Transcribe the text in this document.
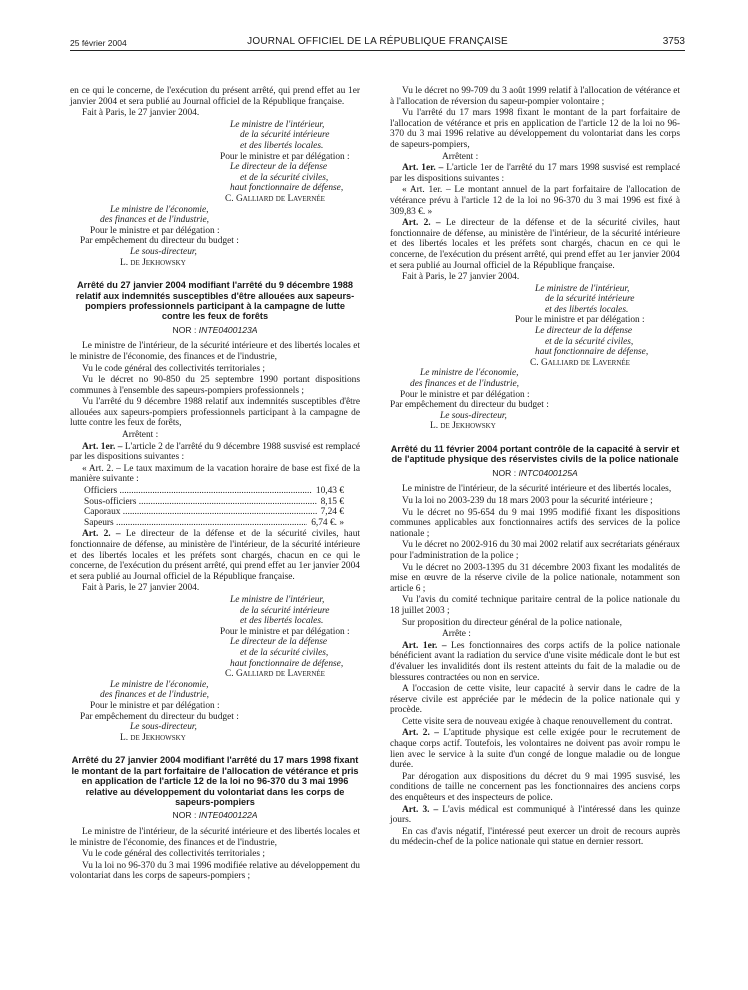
25 février 2004	JOURNAL OFFICIEL DE LA RÉPUBLIQUE FRANÇAISE	3753

en ce qui le concerne, de l'exécution du présent arrêté, qui prend effet au 1er janvier 2004 et sera publié au Journal officiel de la République française.

Fait à Paris, le 27 janvier 2004.

Le ministre de l'intérieur,
de la sécurité intérieure
et des libertés locales.
Pour le ministre et par délégation :
Le directeur de la défense
et de la sécurité civiles,
haut fonctionnaire de défense,
C. Galliard de Lavernée
Le ministre de l'économie,
des finances et de l'industrie,
Pour le ministre et par délégation :
Par empêchement du directeur du budget :
Le sous-directeur,
L. de Jekhowsky
Arrêté du 27 janvier 2004 modifiant l'arrêté du 9 décembre 1988 relatif aux indemnités susceptibles d'être allouées aux sapeurs-pompiers professionnels participant à la campagne de lutte contre les feux de forêts
NOR : INTE0400123A

Le ministre de l'intérieur, de la sécurité intérieure et des libertés locales et le ministre de l'économie, des finances et de l'industrie,

Vu le code général des collectivités territoriales ;

Vu le décret no 90-850 du 25 septembre 1990 portant dispositions communes à l'ensemble des sapeurs-pompiers professionnels ;

Vu l'arrêté du 9 décembre 1988 relatif aux indemnités susceptibles d'être allouées aux sapeurs-pompiers professionnels participant à la campagne de lutte contre les feux de forêts,

Arrêtent :

Art. 1er. – L'article 2 de l'arrêté du 9 décembre 1988 susvisé est remplacé par les dispositions suivantes :

« Art. 2. – Le taux maximum de la vacation horaire de base est fixé de la manière suivante :

Officiers .....	10,43 €
Sous-officiers .....	8,15 €
Caporaux .....	7,24 €
Sapeurs .....	6,74 €. »

Art. 2. – Le directeur de la défense et de la sécurité civiles, haut fonctionnaire de défense, au ministère de l'intérieur, de la sécurité intérieure et des libertés locales et les préfets sont chargés, chacun en ce qui le concerne, de l'exécution du présent arrêté, qui prend effet au 1er janvier 2004 et sera publié au Journal officiel de la République française.

Fait à Paris, le 27 janvier 2004.

Le ministre de l'intérieur,
de la sécurité intérieure
et des libertés locales.
Pour le ministre et par délégation :
Le directeur de la défense
et de la sécurité civiles,
haut fonctionnaire de défense,
C. Galliard de Lavernée
Le ministre de l'économie,
des finances et de l'industrie,
Pour le ministre et par délégation :
Par empêchement du directeur du budget :
Le sous-directeur,
L. de Jekhowsky
Arrêté du 27 janvier 2004 modifiant l'arrêté du 17 mars 1998 fixant le montant de la part forfaitaire de l'allocation de vétérance et pris en application de l'article 12 de la loi no 96-370 du 3 mai 1996 relative au développement du volontariat dans les corps de sapeurs-pompiers
NOR : INTE0400122A

Le ministre de l'intérieur, de la sécurité intérieure et des libertés locales et le ministre de l'économie, des finances et de l'industrie,

Vu le code général des collectivités territoriales ;

Vu la loi no 96-370 du 3 mai 1996 modifiée relative au développement du volontariat dans les corps de sapeurs-pompiers ;

Vu le décret no 99-709 du 3 août 1999 relatif à l'allocation de vétérance et à l'allocation de réversion du sapeur-pompier volontaire ;

Vu l'arrêté du 17 mars 1998 fixant le montant de la part forfaitaire de l'allocation de vétérance et pris en application de l'article 12 de la loi no 96-370 du 3 mai 1996 relative au développement du volontariat dans les corps de sapeurs-pompiers,

Arrêtent :

Art. 1er. – L'article 1er de l'arrêté du 17 mars 1998 susvisé est remplacé par les dispositions suivantes :

« Art. 1er. – Le montant annuel de la part forfaitaire de l'allocation de vétérance prévu à l'article 12 de la loi no 96-370 du 3 mai 1996 est fixé à 309,83 €. »

Art. 2. – Le directeur de la défense et de la sécurité civiles, haut fonctionnaire de défense, au ministère de l'intérieur, de la sécurité intérieure et des libertés locales et les préfets sont chargés, chacun en ce qui le concerne, de l'exécution du présent arrêté, qui prend effet au 1er janvier 2004 et sera publié au Journal officiel de la République française.

Fait à Paris, le 27 janvier 2004.

Le ministre de l'intérieur,
de la sécurité intérieure
et des libertés locales.
Pour le ministre et par délégation :
Le directeur de la défense
et de la sécurité civiles,
haut fonctionnaire de défense,
C. Galliard de Lavernée
Le ministre de l'économie,
des finances et de l'industrie,
Pour le ministre et par délégation :
Par empêchement du directeur du budget :
Le sous-directeur,
L. de Jekhowsky
Arrêté du 11 février 2004 portant contrôle de la capacité à servir et de l'aptitude physique des réservistes civils de la police nationale
NOR : INTC0400125A

Le ministre de l'intérieur, de la sécurité intérieure et des libertés locales,

Vu la loi no 2003-239 du 18 mars 2003 pour la sécurité intérieure ;

Vu le décret no 95-654 du 9 mai 1995 modifié fixant les dispositions communes applicables aux fonctionnaires actifs des services de la police nationale ;

Vu le décret no 2002-916 du 30 mai 2002 relatif aux secrétariats généraux pour l'administration de la police ;

Vu le décret no 2003-1395 du 31 décembre 2003 fixant les modalités de mise en œuvre de la réserve civile de la police nationale, notamment son article 6 ;

Vu l'avis du comité technique paritaire central de la police nationale du 18 juillet 2003 ;

Sur proposition du directeur général de la police nationale,

Arrête :

Art. 1er. – Les fonctionnaires des corps actifs de la police nationale bénéficient avant la radiation du service d'une visite médicale dont le but est d'évaluer les invalidités dont ils restent atteints du fait de la maladie ou de blessures contractées ou non en service.

A l'occasion de cette visite, leur capacité à servir dans le cadre de la réserve civile est appréciée par le médecin de la police nationale qui y procède.

Cette visite sera de nouveau exigée à chaque renouvellement du contrat.

Art. 2. – L'aptitude physique est celle exigée pour le recrutement de chaque corps actif. Toutefois, les volontaires ne doivent pas avoir rompu le lien avec le service à la suite d'un congé de longue maladie ou de longue durée.

Par dérogation aux dispositions du décret du 9 mai 1995 susvisé, les conditions de taille ne concernent pas les fonctionnaires des anciens corps des enquêteurs et des inspecteurs de police.

Art. 3. – L'avis médical est communiqué à l'intéressé dans les quinze jours.

En cas d'avis négatif, l'intéressé peut exercer un droit de recours auprès du médecin-chef de la police nationale qui statue en dernier ressort.
